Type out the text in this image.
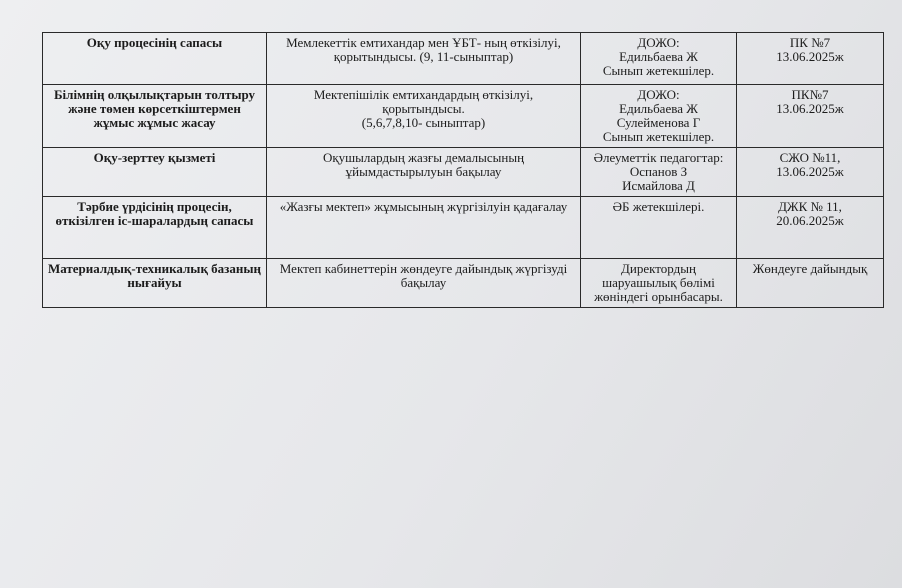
Оқу процесінің сапасы	Мемлекеттік емтихандар мен ҰБТ- ның өткізілуі,
қорытындысы. (9, 11-сыныптар)	ДОЖО:
Едильбаева Ж
Сынып жетекшілер.	ПК №7
13.06.2025ж

Білімнің олқылықтарын толтыру және төмен көрсеткіштермен жұмыс жұмыс жасау	Мектепішілік емтихандардың өткізілуі,
қорытындысы.
(5,6,7,8,10- сыныптар)	ДОЖО:
Едильбаева Ж
Сулейменова Г
Сынып жетекшілер.	ПК№7
13.06.2025ж

Оқу-зерттеу қызметі	Оқушылардың жазғы демалысының
ұйымдастырылуын бақылау	Әлеуметтік педагогтар:
Оспанов З
Исмайлова Д	СЖО №11,
13.06.2025ж

Тәрбие үрдісінің процесін, өткізілген іс-шаралардың сапасы	«Жазғы мектеп» жұмысының жүргізілуін қадағалау	ӘБ жетекшілері.	ДЖК № 11,
20.06.2025ж

Материалдық-техникалық базаның нығайуы	Мектеп кабинеттерін жөндеуге дайындық жүргізуді
бақылау	Директордың
шаруашылық бөлімі
жөніндегі орынбасары.	Жөндеуге дайындық
